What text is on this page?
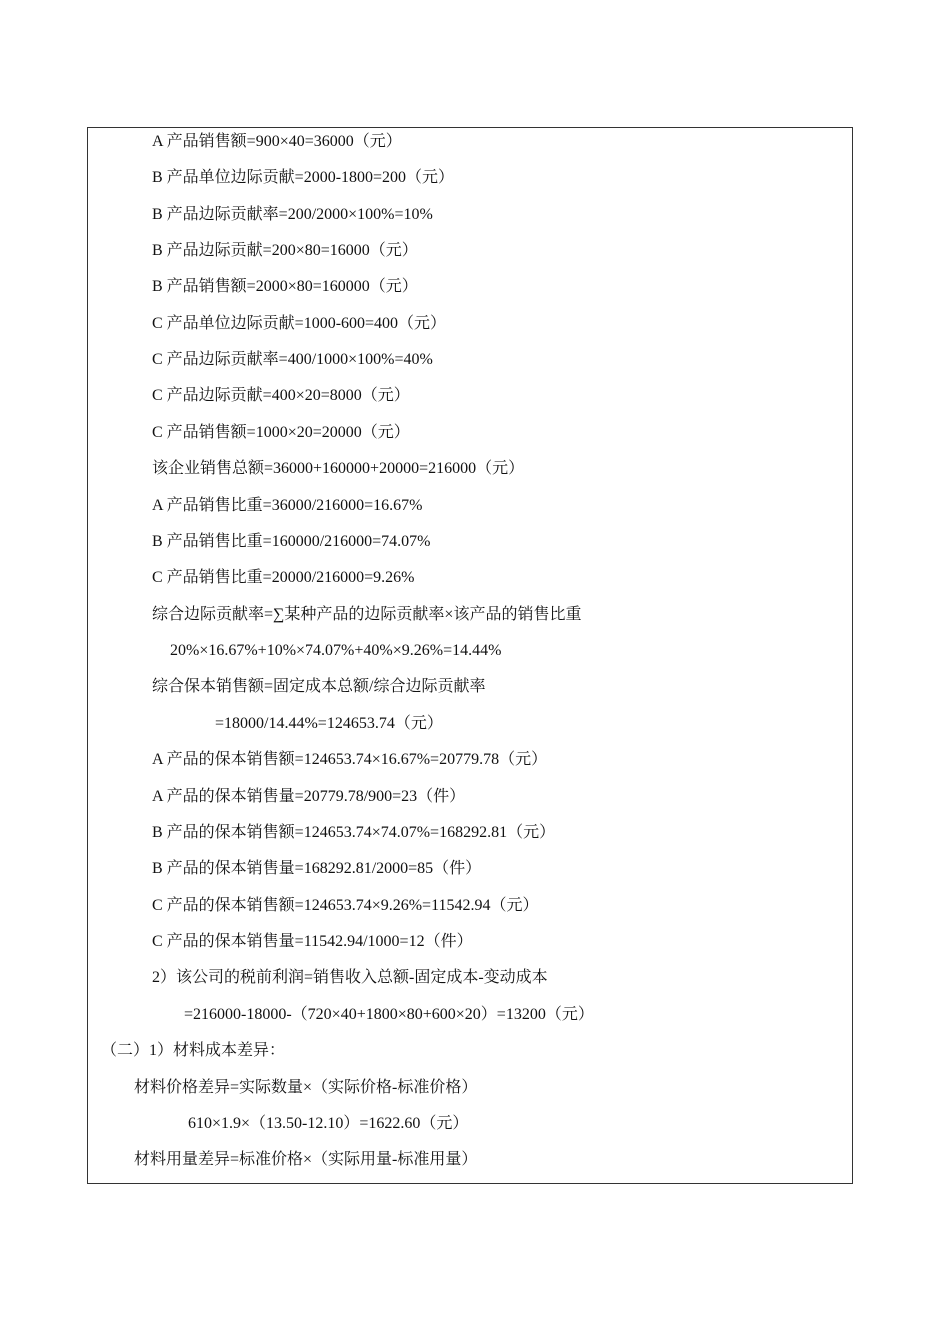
A 产品销售额=900×40=36000（元）
B 产品单位边际贡献=2000-1800=200（元）
B 产品边际贡献率=200/2000×100%=10%
B 产品边际贡献=200×80=16000（元）
B 产品销售额=2000×80=160000（元）
C 产品单位边际贡献=1000-600=400（元）
C 产品边际贡献率=400/1000×100%=40%
C 产品边际贡献=400×20=8000（元）
C 产品销售额=1000×20=20000（元）
该企业销售总额=36000+160000+20000=216000（元）
A 产品销售比重=36000/216000=16.67%
B 产品销售比重=160000/216000=74.07%
C 产品销售比重=20000/216000=9.26%
综合边际贡献率=∑某种产品的边际贡献率×该产品的销售比重
20%×16.67%+10%×74.07%+40%×9.26%=14.44%
综合保本销售额=固定成本总额/综合边际贡献率
=18000/14.44%=124653.74（元）
A 产品的保本销售额=124653.74×16.67%=20779.78（元）
A 产品的保本销售量=20779.78/900=23（件）
B 产品的保本销售额=124653.74×74.07%=168292.81（元）
B 产品的保本销售量=168292.81/2000=85（件）
C 产品的保本销售额=124653.74×9.26%=11542.94（元）
C 产品的保本销售量=11542.94/1000=12（件）
2）该公司的税前利润=销售收入总额-固定成本-变动成本
=216000-18000-（720×40+1800×80+600×20）=13200（元）
（二）1）材料成本差异：
材料价格差异=实际数量×（实际价格-标准价格）
610×1.9×（13.50-12.10）=1622.60（元）
材料用量差异=标准价格×（实际用量-标准用量）
